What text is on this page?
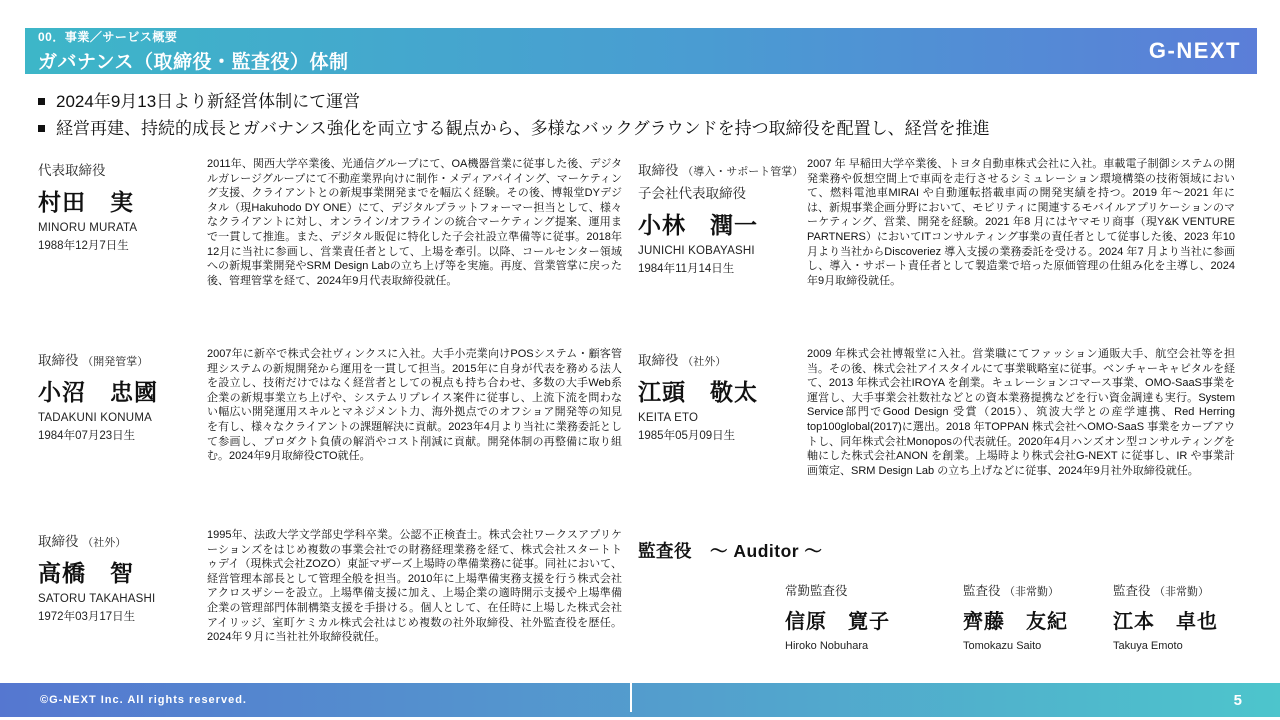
00．事業／サービス概要
ガバナンス（取締役・監査役）体制	G-NEXT
2024年9月13日より新経営体制にて運営
経営再建、持続的成長とガバナンス強化を両立する観点から、多様なバックグラウンドを持つ取締役を配置し、経営を推進
代表取締役
村田　実
MINORU MURATA
1988年12月7日生
2011年、関西大学卒業後、光通信グループにて、OA機器営業に従事した後、デジタルガレージグループにて不動産業界向けに制作・メディアバイイング、マーケティング支援、クライアントとの新規事業開発までを幅広く経験。その後、博報堂DYデジタル（現Hakuhodo DY ONE）にて、デジタルプラットフォーマー担当として、様々なクライアントに対し、オンライン/オフラインの統合マーケティング提案、運用まで一貫して推進。また、デジタル販促に特化した子会社設立準備等に従事。2018年12月に当社に参画し、営業責任者として、上場を牽引。以降、コールセンター領域への新規事業開発やSRM Design Labの立ち上げ等を実施。再度、営業管掌に戻った後、管理管掌を経て、2024年9月代表取締役就任。
取締役 （開発管掌）
小沼　忠國
TADAKUNI KONUMA
1984年07月23日生
2007年に新卒で株式会社ヴィンクスに入社。大手小売業向けPOSシステム・顧客管理システムの新規開発から運用を一貫して担当。2015年に自身が代表を務める法人を設立し、技術だけではなく経営者としての視点も持ち合わせ、多数の大手Web系企業の新規事業立ち上げや、システムリプレイス案件に従事し、上流下流を問わない幅広い開発運用スキルとマネジメント力、海外拠点でのオフショア開発等の知見を有し、様々なクライアントの課題解決に貢献。2023年4月より当社に業務委託として参画し、プロダクト負債の解消やコスト削減に貢献。開発体制の再整備に取り組む。2024年9月取締役CTO就任。
取締役 （社外）
高橋　智
SATORU TAKAHASHI
1972年03月17日生
1995年、法政大学文学部史学科卒業。公認不正検査士。株式会社ワークスアプリケーションズをはじめ複数の事業会社での財務経理業務を経て、株式会社スタートトゥデイ（現株式会社ZOZO）東証マザーズ上場時の準備業務に従事。同社において、経営管理本部長として管理全般を担当。2010年に上場準備実務支援を行う株式会社アクロスザシーを設立。上場準備支援に加え、上場企業の適時開示支援や上場準備企業の管理部門体制構築支援を手掛ける。個人として、在任時に上場した株式会社アイリッジ、室町ケミカル株式会社はじめ複数の社外取締役、社外監査役を歴任。2024年９月に当社社外取締役就任。
取締役 （導入・サポート管掌）
子会社代表取締役
小林　潤一
JUNICHI KOBAYASHI
1984年11月14日生
2007 年 早稲田大学卒業後、トヨタ自動車株式会社に入社。車載電子制御システムの開発業務や仮想空間上で車両を走行させるシミュレーション環境構築の技術領域において、燃料電池車MIRAI や自動運転搭載車両の開発実績を持つ。2019 年～2021 年には、新規事業企画分野において、モビリティに関連するモバイルアプリケーションのマーケティング、営業、開発を経験。2021 年8 月にはヤマモリ商事（現Y&K VENTURE PARTNERS）においてITコンサルティング事業の責任者として従事した後、2023 年10 月より当社からDiscoveriez 導入支援の業務委託を受ける。2024 年7 月より当社に参画し、導入・サポート責任者として製造業で培った原価管理の仕組み化を主導し、2024年9月取締役就任。
取締役 （社外）
江頭　敬太
KEITA ETO
1985年05月09日生
2009 年株式会社博報堂に入社。営業職にてファッション通販大手、航空会社等を担当。その後、株式会社アイスタイルにて事業戦略室に従事。ベンチャーキャピタルを経て、2013 年株式会社IROYA を創業。キュレーションコマース事業、OMO-SaaS事業を運営し、大手事業会社数社などとの資本業務提携などを行い資金調達も実行。System Service部門でGood Design 受賞（2015）、筑波大学との産学連携、Red Herring top100global(2017)に選出。2018 年TOPPAN 株式会社へOMO-SaaS 事業をカーブアウトし、同年株式会社Monoposの代表就任。2020年4月ハンズオン型コンサルティングを軸にした株式会社ANON を創業。上場時より株式会社G-NEXT に従事し、IR や事業計画策定、SRM Design Lab の立ち上げなどに従事、2024年9月社外取締役就任。
監査役　～ Auditor ～
常勤監査役
信原　寛子
Hiroko Nobuhara
監査役 （非常勤）
齊藤　友紀
Tomokazu Saito
監査役 （非常勤）
江本　卓也
Takuya Emoto
©G-NEXT Inc. All rights reserved.	5
